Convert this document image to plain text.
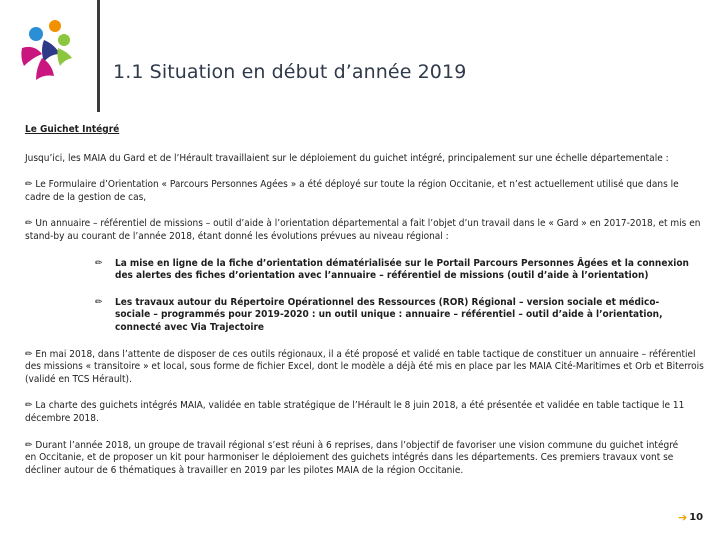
1.1 Situation en début d’année 2019
Le Guichet Intégré
Jusqu’ici, les MAIA du Gard et de l’Hérault travaillaient sur le déploiement du guichet intégré, principalement sur une échelle départementale :
✏ Le Formulaire d’Orientation « Parcours Personnes Agées » a été déployé sur toute la région Occitanie, et n’est actuellement utilisé que dans le cadre de la gestion de cas,
✏ Un annuaire – référentiel de missions – outil d’aide à l’orientation départemental a fait l’objet d’un travail dans le « Gard » en 2017-2018, et mis en stand-by au courant de l’année 2018, étant donné les évolutions prévues au niveau régional :
✏ La mise en ligne de la fiche d’orientation dématérialisée sur le Portail Parcours Personnes Âgées et la connexion des alertes des fiches d’orientation avec l’annuaire – référentiel de missions (outil d’aide à l’orientation)
✏ Les travaux autour du Répertoire Opérationnel des Ressources (ROR) Régional – version sociale et médico-sociale – programmés pour 2019-2020 : un outil unique : annuaire – référentiel – outil d’aide à l’orientation, connecté avec Via Trajectoire
✏ En mai 2018, dans l’attente de disposer de ces outils régionaux, il a été proposé et validé en table tactique de constituer un annuaire – référentiel des missions « transitoire » et local, sous forme de fichier Excel, dont le modèle a déjà été mis en place par les MAIA Cité-Maritimes et Orb et Biterrois (validé en TCS Hérault).
✏ La charte des guichets intégrés MAIA, validée en table stratégique de l’Hérault le 8 juin 2018, a été présentée et validée en table tactique le 11 décembre 2018.
✏ Durant l’année 2018, un groupe de travail régional s’est réuni à 6 reprises, dans l’objectif de favoriser une vision commune du guichet intégré en Occitanie, et de proposer un kit pour harmoniser le déploiement des guichets intégrés dans les départements. Ces premiers travaux vont se décliner autour de 6 thématiques à travailler en 2019 par les pilotes MAIA de la région Occitanie.
➔ 10
